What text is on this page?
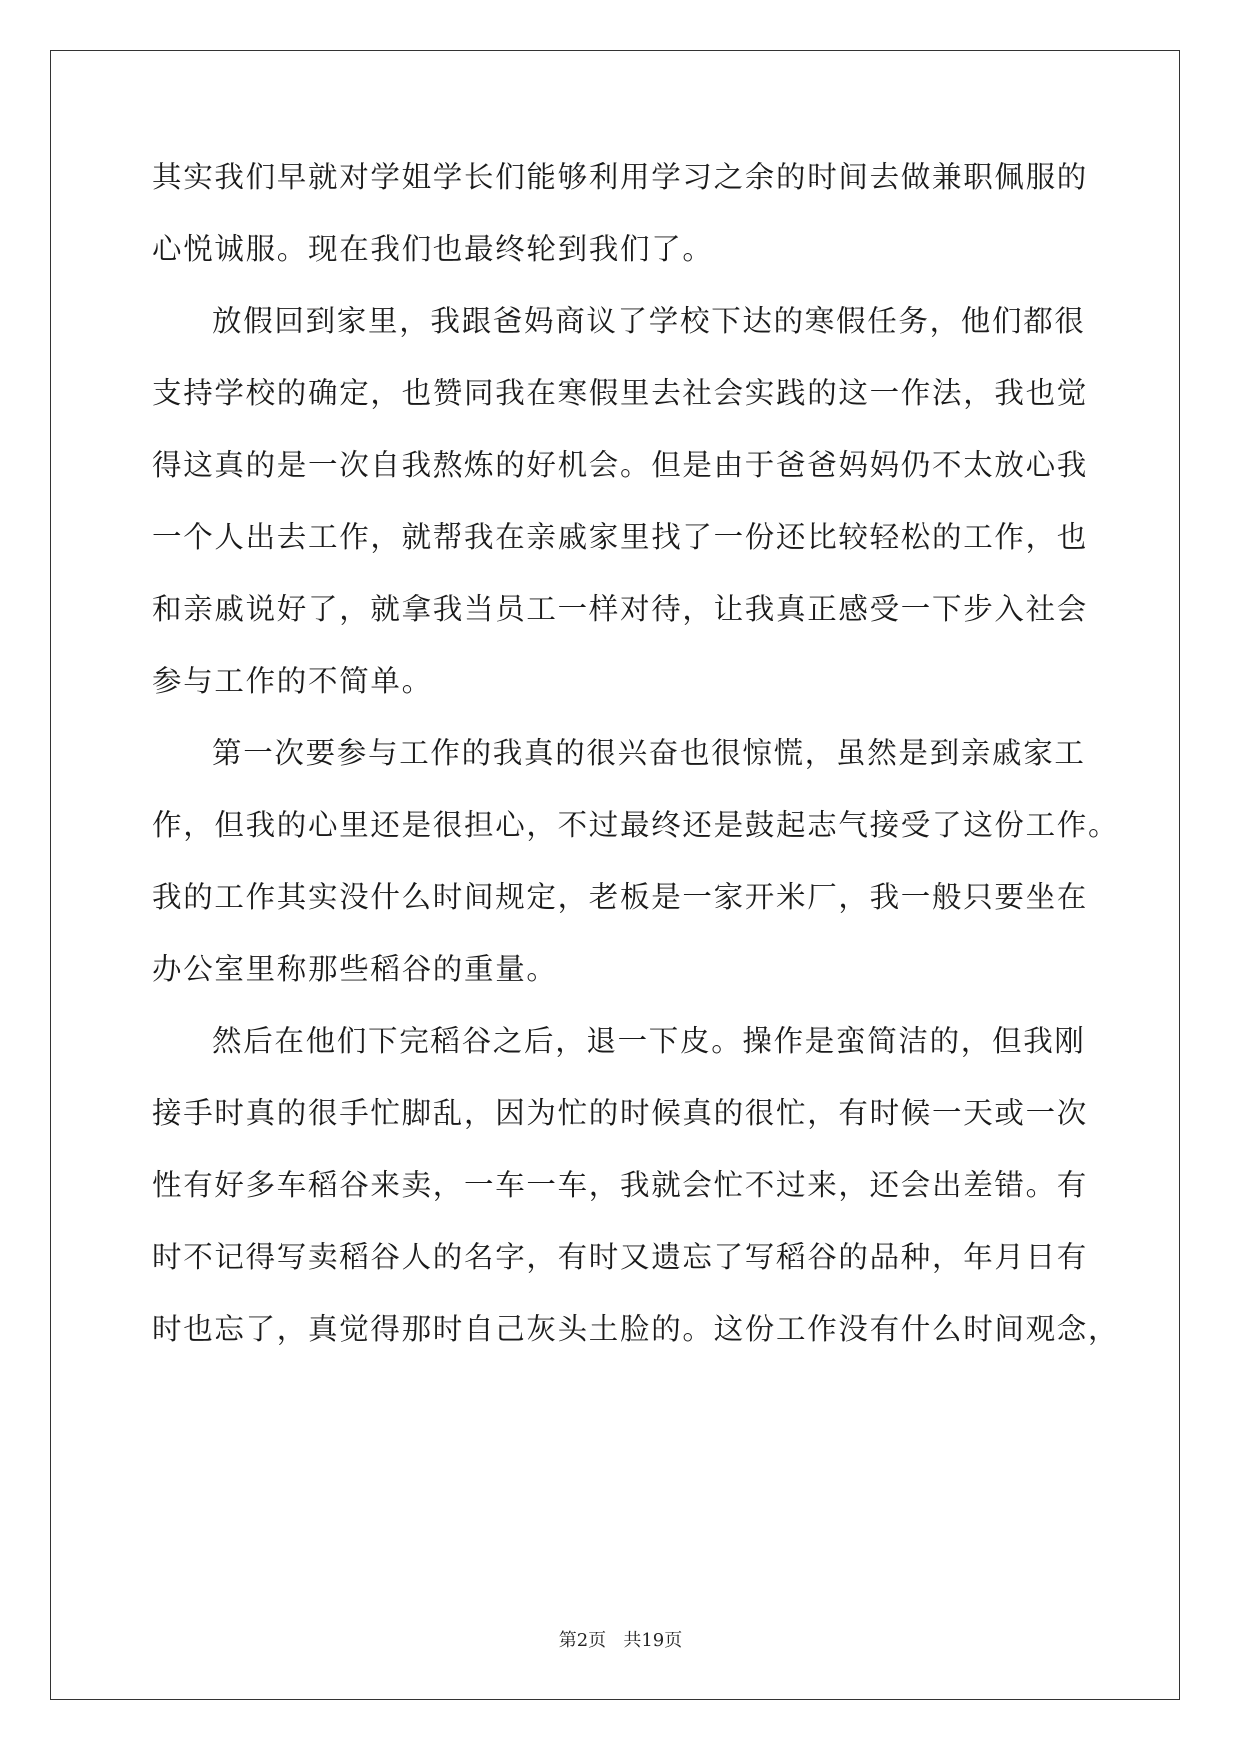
其实我们早就对学姐学长们能够利用学习之余的时间去做兼职佩服的
心悦诚服。现在我们也最终轮到我们了。
放假回到家里，我跟爸妈商议了学校下达的寒假任务，他们都很
支持学校的确定，也赞同我在寒假里去社会实践的这一作法，我也觉
得这真的是一次自我熬炼的好机会。但是由于爸爸妈妈仍不太放心我
一个人出去工作，就帮我在亲戚家里找了一份还比较轻松的工作，也
和亲戚说好了，就拿我当员工一样对待，让我真正感受一下步入社会
参与工作的不简单。
第一次要参与工作的我真的很兴奋也很惊慌，虽然是到亲戚家工
作，但我的心里还是很担心，不过最终还是鼓起志气接受了这份工作。
我的工作其实没什么时间规定，老板是一家开米厂，我一般只要坐在
办公室里称那些稻谷的重量。
然后在他们下完稻谷之后，退一下皮。操作是蛮简洁的，但我刚
接手时真的很手忙脚乱，因为忙的时候真的很忙，有时候一天或一次
性有好多车稻谷来卖，一车一车，我就会忙不过来，还会出差错。有
时不记得写卖稻谷人的名字，有时又遗忘了写稻谷的品种，年月日有
时也忘了，真觉得那时自己灰头土脸的。这份工作没有什么时间观念，
第2页 共19页
